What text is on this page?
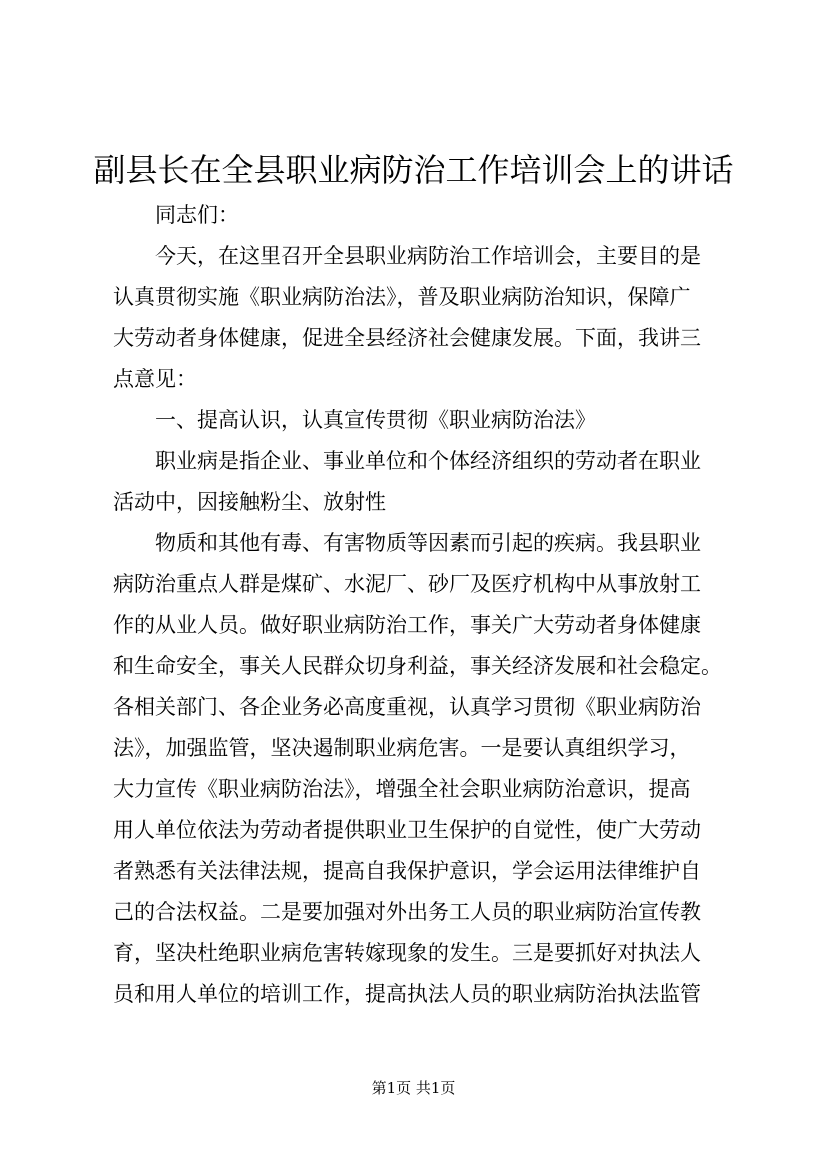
副县长在全县职业病防治工作培训会上的讲话
同志们：
今天，在这里召开全县职业病防治工作培训会，主要目的是
认真贯彻实施《职业病防治法》，普及职业病防治知识，保障广
大劳动者身体健康，促进全县经济社会健康发展。下面，我讲三
点意见：
一、提高认识，认真宣传贯彻《职业病防治法》
职业病是指企业、事业单位和个体经济组织的劳动者在职业
活动中，因接触粉尘、放射性
物质和其他有毒、有害物质等因素而引起的疾病。我县职业
病防治重点人群是煤矿、水泥厂、砂厂及医疗机构中从事放射工
作的从业人员。做好职业病防治工作，事关广大劳动者身体健康
和生命安全，事关人民群众切身利益，事关经济发展和社会稳定。
各相关部门、各企业务必高度重视，认真学习贯彻《职业病防治
法》，加强监管，坚决遏制职业病危害。一是要认真组织学习，
大力宣传《职业病防治法》，增强全社会职业病防治意识，提高
用人单位依法为劳动者提供职业卫生保护的自觉性，使广大劳动
者熟悉有关法律法规，提高自我保护意识，学会运用法律维护自
己的合法权益。二是要加强对外出务工人员的职业病防治宣传教
育，坚决杜绝职业病危害转嫁现象的发生。三是要抓好对执法人
员和用人单位的培训工作，提高执法人员的职业病防治执法监管
第1页 共1页
